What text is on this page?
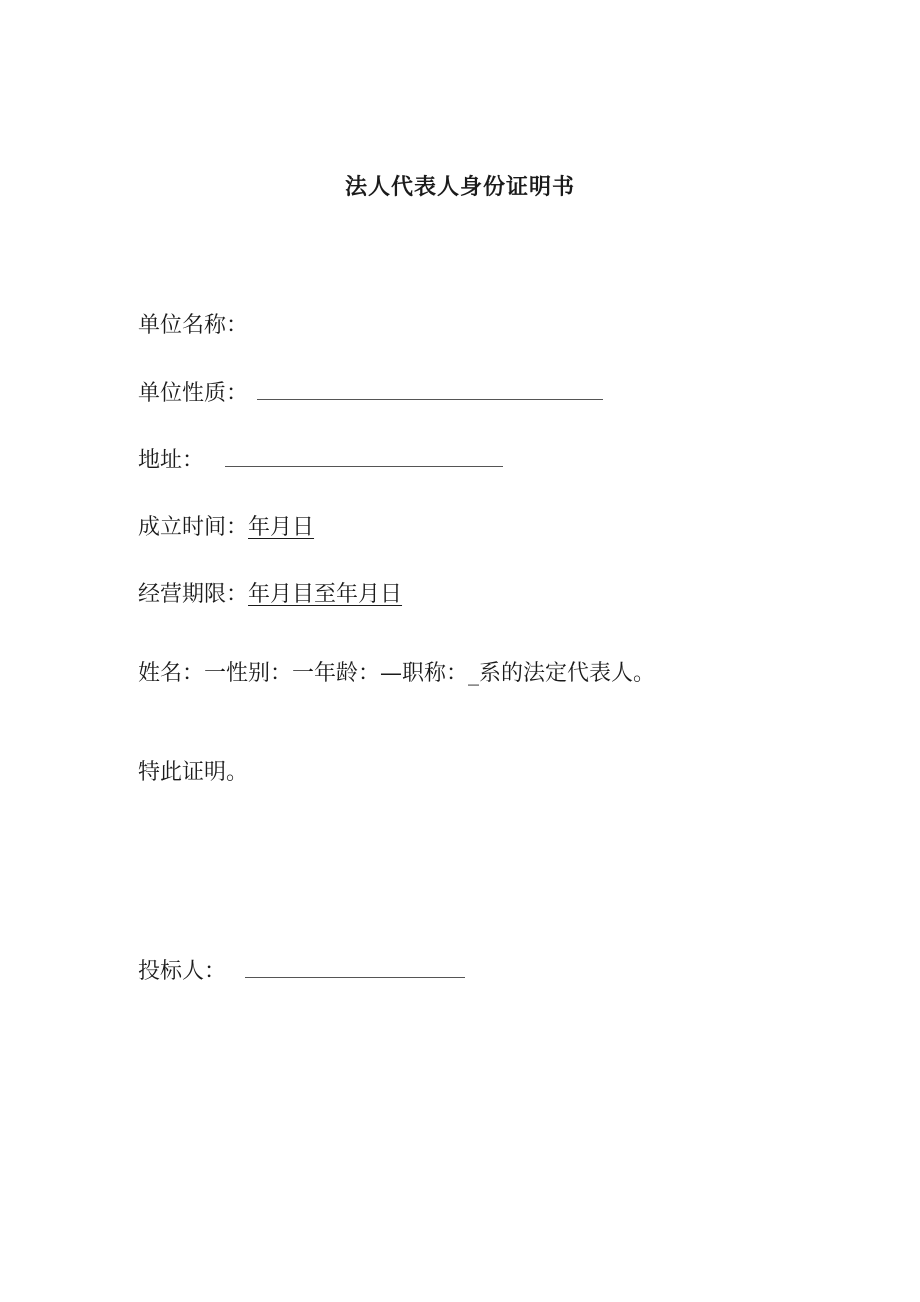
法人代表人身份证明书
单位名称：
单位性质：
地址：
成立时间：年月日
经营期限：年月目至年月日
姓名：一性别：一年龄：—职称：_系的法定代表人。
特此证明。
投标人：
